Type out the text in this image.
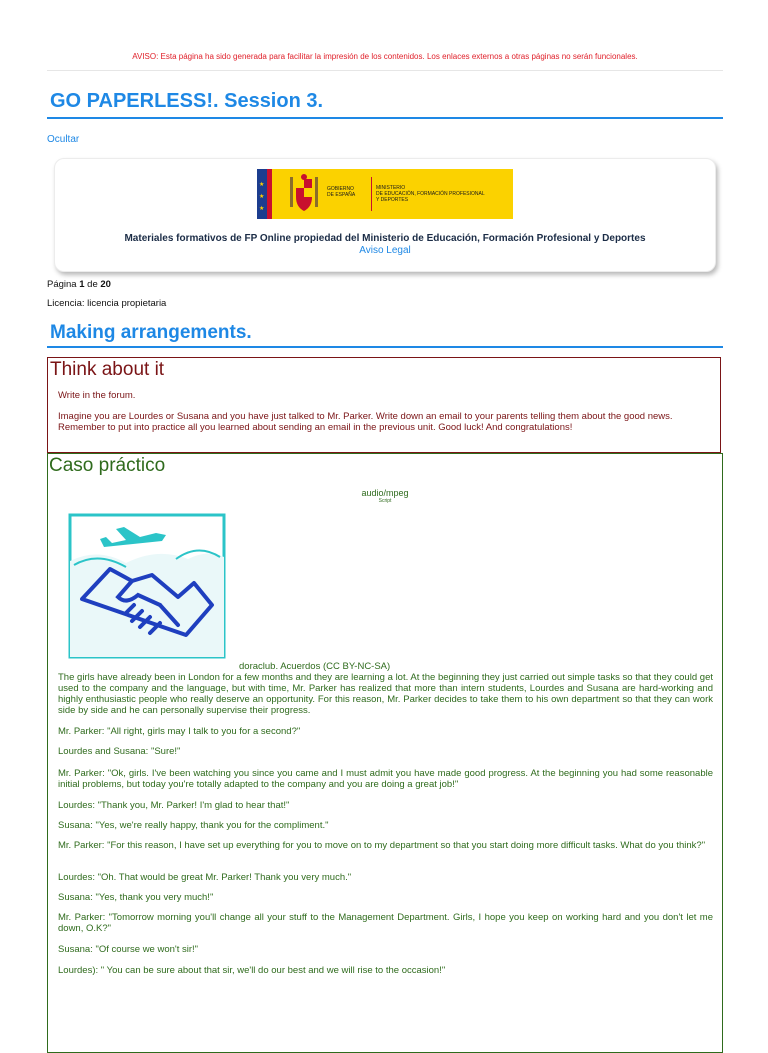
AVISO: Esta página ha sido generada para facilitar la impresión de los contenidos. Los enlaces externos a otras páginas no serán funcionales.
GO PAPERLESS!. Session 3.
Ocultar
★
★
★
GOBIERNO
DE ESPAÑA
MINISTERIO
DE EDUCACIÓN, FORMACIÓN PROFESIONAL
Y DEPORTES
Materiales formativos de FP Online propiedad del Ministerio de Educación, Formación Profesional y Deportes
Aviso Legal
Página 1 de 20
Licencia: licencia propietaria
Making arrangements.
Think about it

Write in the forum.

Imagine you are Lourdes or Susana and you have just talked to Mr. Parker. Write down an email to your parents telling them about the good news. Remember to put into practice all you learned about sending an email in the previous unit. Good luck! And congratulations!

Caso práctico
audio/mpeg
Script
doraclub. Acuerdos (CC BY-NC-SA)

The girls have already been in London for a few months and they are learning a lot. At the beginning they just carried out simple tasks so that they could get used to the company and the language, but with time, Mr. Parker has realized that more than intern students, Lourdes and Susana are hard-working and highly enthusiastic people who really deserve an opportunity. For this reason, Mr. Parker decides to take them to his own department so that they can work side by side and he can personally supervise their progress.

Mr. Parker: "All right, girls may I talk to you for a second?"

Lourdes and Susana: "Sure!"

Mr. Parker: "Ok, girls. I've been watching you since you came and I must admit you have made good progress. At the beginning you had some reasonable initial problems, but today you're totally adapted to the company and you are doing a great job!"

Lourdes: "Thank you, Mr. Parker! I'm glad to hear that!"

Susana: "Yes, we're really happy, thank you for the compliment."

Mr. Parker: "For this reason, I have set up everything for you to move on to my department so that you start doing more difficult tasks. What do you think?"

Lourdes: "Oh. That would be great Mr. Parker! Thank you very much."

Susana: "Yes, thank you very much!"

Mr. Parker: "Tomorrow morning you'll change all your stuff to the Management Department. Girls, I hope you keep on working hard and you don't let me down, O.K?"

Susana: "Of course we won't sir!"

Lourdes): " You can be sure about that sir, we'll do our best and we will rise to the occasion!"
